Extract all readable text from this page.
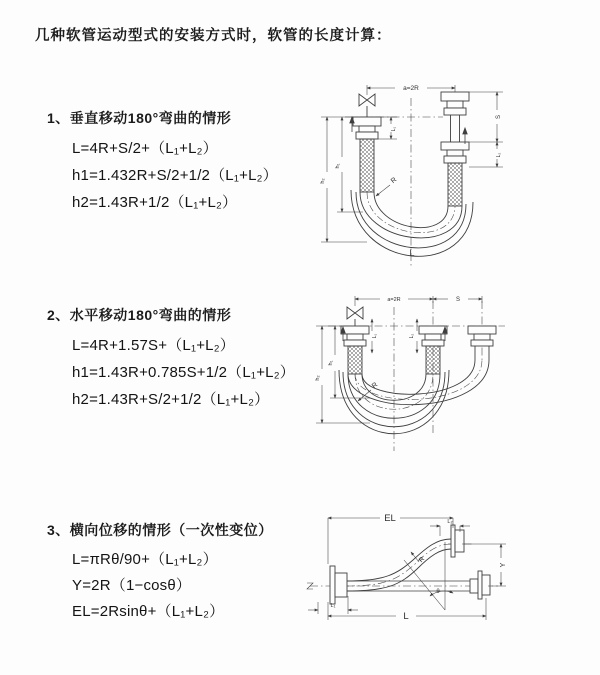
几种软管运动型式的安装方式时，软管的长度计算：
1、垂直移动180°弯曲的情形
L=4R+S/2+（L₁+L₂）
h1=1.432R+S/2+1/2（L₁+L₂）
h2=1.43R+1/2（L₁+L₂）
2、水平移动180°弯曲的情形
L=4R+1.57S+（L₁+L₂）
h1=1.43R+0.785S+1/2（L₁+L₂）
h2=1.43R+S/2+1/2（L₁+L₂）
3、横向位移的情形（一次性变位）
L=πRθ/90+（L₁+L₂）
Y=2R（1−cosθ）
EL=2Rsinθ+（L₁+L₂）
a=2R
S
L₂
h₁
h₂
L₁
R
L
a=2R	S
h₁
h₂
L₁	L₂
R
EL	L₂
Y
R
θ
L
L₁
